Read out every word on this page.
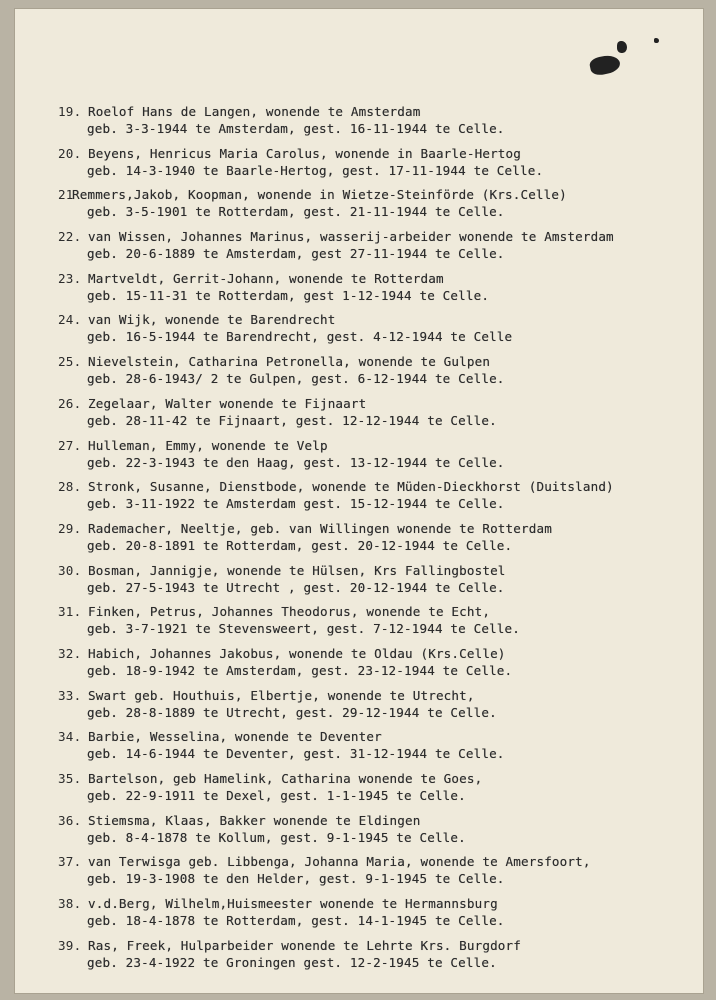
19. Roelof Hans de Langen, wonende te Amsterdam
geb. 3-3-1944 te Amsterdam, gest. 16-11-1944 te Celle.
20. Beyens, Henricus Maria Carolus, wonende in Baarle-Hertog
geb. 14-3-1940 te Baarle-Hertog, gest. 17-11-1944 te Celle.
21
Remmers,Jakob, Koopman, wonende in Wietze-Steinförde (Krs.Celle)
geb. 3-5-1901 te Rotterdam, gest. 21-11-1944 te Celle.
22. van Wissen, Johannes Marinus, wasserij-arbeider wonende te Amsterdam
geb. 20-6-1889 te Amsterdam, gest 27-11-1944 te Celle.
23. Martveldt, Gerrit-Johann, wonende te Rotterdam
geb. 15-11-31 te Rotterdam, gest 1-12-1944 te Celle.
24. van Wijk, wonende te Barendrecht
geb. 16-5-1944 te Barendrecht, gest. 4-12-1944 te Celle
25. Nievelstein, Catharina Petronella, wonende te Gulpen
geb. 28-6-1943/ 2 te Gulpen, gest. 6-12-1944 te Celle.
26. Zegelaar, Walter wonende te Fijnaart
geb. 28-11-42 te Fijnaart, gest. 12-12-1944 te Celle.
27. Hulleman, Emmy, wonende te Velp
geb. 22-3-1943 te den Haag, gest. 13-12-1944 te Celle.
28. Stronk, Susanne, Dienstbode, wonende te Müden-Dieckhorst (Duitsland)
geb. 3-11-1922 te Amsterdam gest. 15-12-1944 te Celle.
29. Rademacher, Neeltje, geb. van Willingen wonende te Rotterdam
geb. 20-8-1891 te Rotterdam, gest. 20-12-1944 te Celle.
30. Bosman, Jannigje, wonende te Hülsen, Krs Fallingbostel
geb. 27-5-1943 te Utrecht , gest. 20-12-1944 te Celle.
31. Finken, Petrus, Johannes Theodorus, wonende te Echt,
geb. 3-7-1921 te Stevensweert, gest. 7-12-1944 te Celle.
32. Habich, Johannes Jakobus, wonende te Oldau (Krs.Celle)
geb. 18-9-1942 te Amsterdam, gest. 23-12-1944 te Celle.
33. Swart geb. Houthuis, Elbertje, wonende te Utrecht,
geb. 28-8-1889 te Utrecht, gest. 29-12-1944 te Celle.
34. Barbie, Wesselina, wonende te Deventer
geb. 14-6-1944 te Deventer, gest. 31-12-1944 te Celle.
35. Bartelson, geb Hamelink, Catharina wonende te Goes,
geb. 22-9-1911 te Dexel, gest. 1-1-1945 te Celle.
36. Stiemsma, Klaas, Bakker wonende te Eldingen
geb. 8-4-1878 te Kollum, gest. 9-1-1945 te Celle.
37. van Terwisga geb. Libbenga, Johanna Maria, wonende te Amersfoort,
geb. 19-3-1908 te den Helder, gest. 9-1-1945 te Celle.
38. v.d.Berg, Wilhelm,Huismeester wonende te Hermannsburg
geb. 18-4-1878 te Rotterdam, gest. 14-1-1945 te Celle.
39. Ras, Freek, Hulparbeider wonende te Lehrte Krs. Burgdorf
geb. 23-4-1922 te Groningen gest. 12-2-1945 te Celle.
